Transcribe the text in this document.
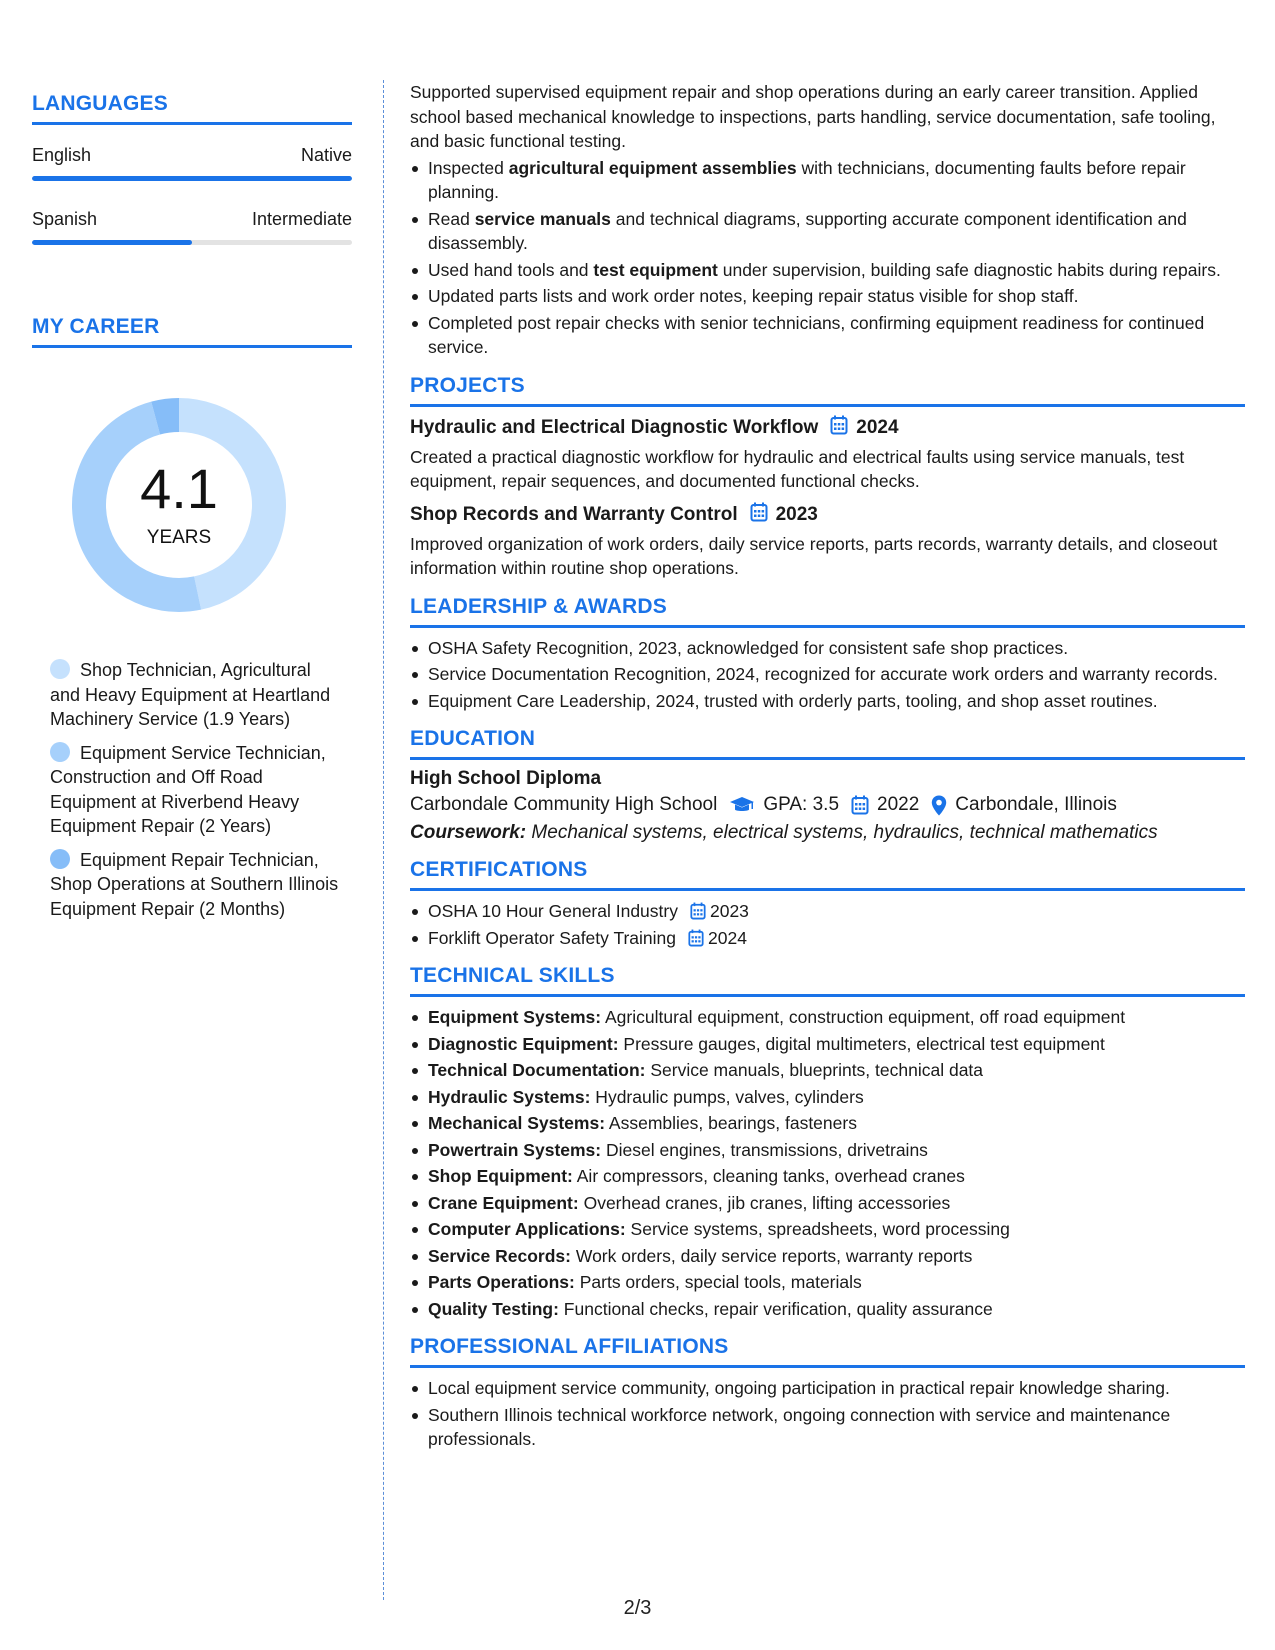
LANGUAGES
English	Native
Spanish	Intermediate
MY CAREER
4.1
YEARS
Shop Technician, Agricultural and Heavy Equipment at Heartland Machinery Service (1.9 Years)
Equipment Service Technician, Construction and Off Road Equipment at Riverbend Heavy Equipment Repair (2 Years)
Equipment Repair Technician, Shop Operations at Southern Illinois Equipment Repair (2 Months)
Supported supervised equipment repair and shop operations during an early career transition. Applied school based mechanical knowledge to inspections, parts handling, service documentation, safe tooling, and basic functional testing.
Inspected agricultural equipment assemblies with technicians, documenting faults before repair planning.
Read service manuals and technical diagrams, supporting accurate component identification and disassembly.
Used hand tools and test equipment under supervision, building safe diagnostic habits during repairs.
Updated parts lists and work order notes, keeping repair status visible for shop staff.
Completed post repair checks with senior technicians, confirming equipment readiness for continued service.
PROJECTS
Hydraulic and Electrical Diagnostic Workflow 2024
Created a practical diagnostic workflow for hydraulic and electrical faults using service manuals, test equipment, repair sequences, and documented functional checks.
Shop Records and Warranty Control 2023
Improved organization of work orders, daily service reports, parts records, warranty details, and closeout information within routine shop operations.
LEADERSHIP & AWARDS
OSHA Safety Recognition, 2023, acknowledged for consistent safe shop practices.
Service Documentation Recognition, 2024, recognized for accurate work orders and warranty records.
Equipment Care Leadership, 2024, trusted with orderly parts, tooling, and shop asset routines.
EDUCATION
High School Diploma
Carbondale Community High School GPA: 3.5 2022 Carbondale, Illinois
Coursework: Mechanical systems, electrical systems, hydraulics, technical mathematics
CERTIFICATIONS
OSHA 10 Hour General Industry 2023
Forklift Operator Safety Training 2024
TECHNICAL SKILLS
Equipment Systems: Agricultural equipment, construction equipment, off road equipment
Diagnostic Equipment: Pressure gauges, digital multimeters, electrical test equipment
Technical Documentation: Service manuals, blueprints, technical data
Hydraulic Systems: Hydraulic pumps, valves, cylinders
Mechanical Systems: Assemblies, bearings, fasteners
Powertrain Systems: Diesel engines, transmissions, drivetrains
Shop Equipment: Air compressors, cleaning tanks, overhead cranes
Crane Equipment: Overhead cranes, jib cranes, lifting accessories
Computer Applications: Service systems, spreadsheets, word processing
Service Records: Work orders, daily service reports, warranty reports
Parts Operations: Parts orders, special tools, materials
Quality Testing: Functional checks, repair verification, quality assurance
PROFESSIONAL AFFILIATIONS
Local equipment service community, ongoing participation in practical repair knowledge sharing.
Southern Illinois technical workforce network, ongoing connection with service and maintenance professionals.
2/3
